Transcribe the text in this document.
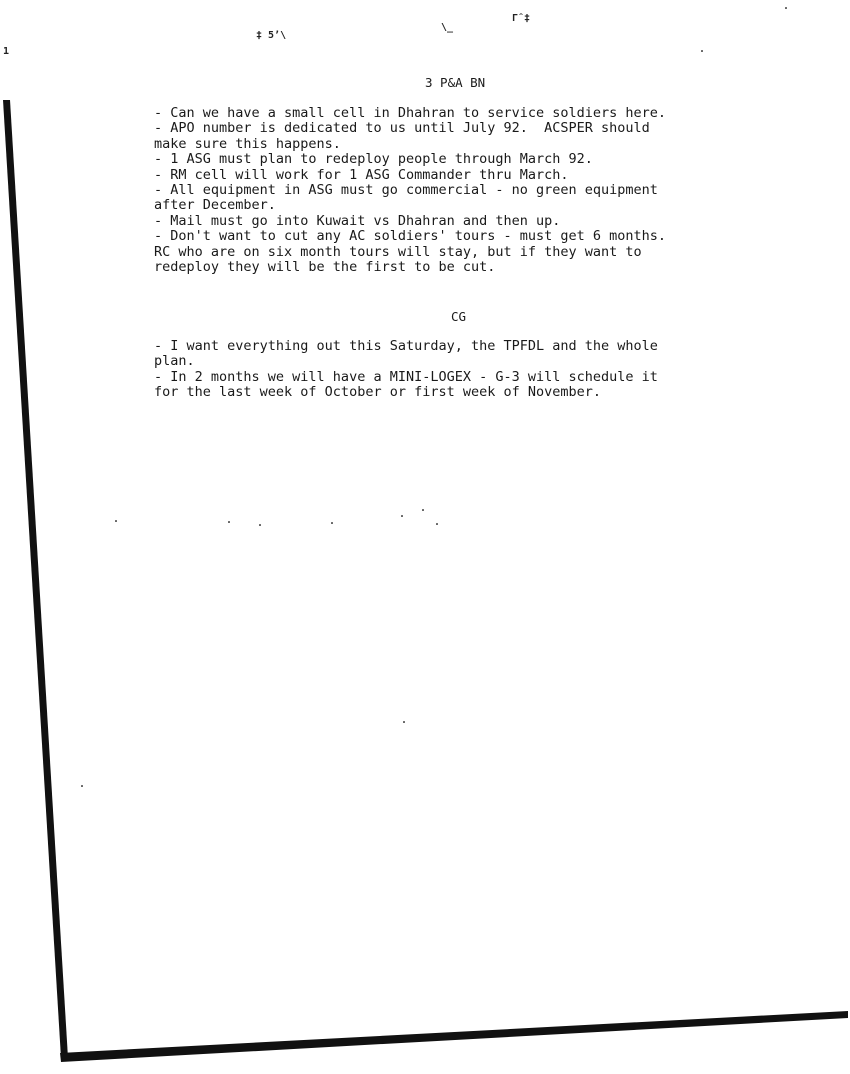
‡ 5’\
\_
Γ̑ ‡
1
3 P&A BN
- Can we have a small cell in Dhahran to service soldiers here.
- APO number is dedicated to us until July 92.  ACSPER should
make sure this happens.
- 1 ASG must plan to redeploy people through March 92.
- RM cell will work for 1 ASG Commander thru March.
- All equipment in ASG must go commercial - no green equipment
after December.
- Mail must go into Kuwait vs Dhahran and then up.
- Don't want to cut any AC soldiers' tours - must get 6 months.
RC who are on six month tours will stay, but if they want to
redeploy they will be the first to be cut.
CG
- I want everything out this Saturday, the TPFDL and the whole
plan.
- In 2 months we will have a MINI-LOGEX - G-3 will schedule it
for the last week of October or first week of November.
